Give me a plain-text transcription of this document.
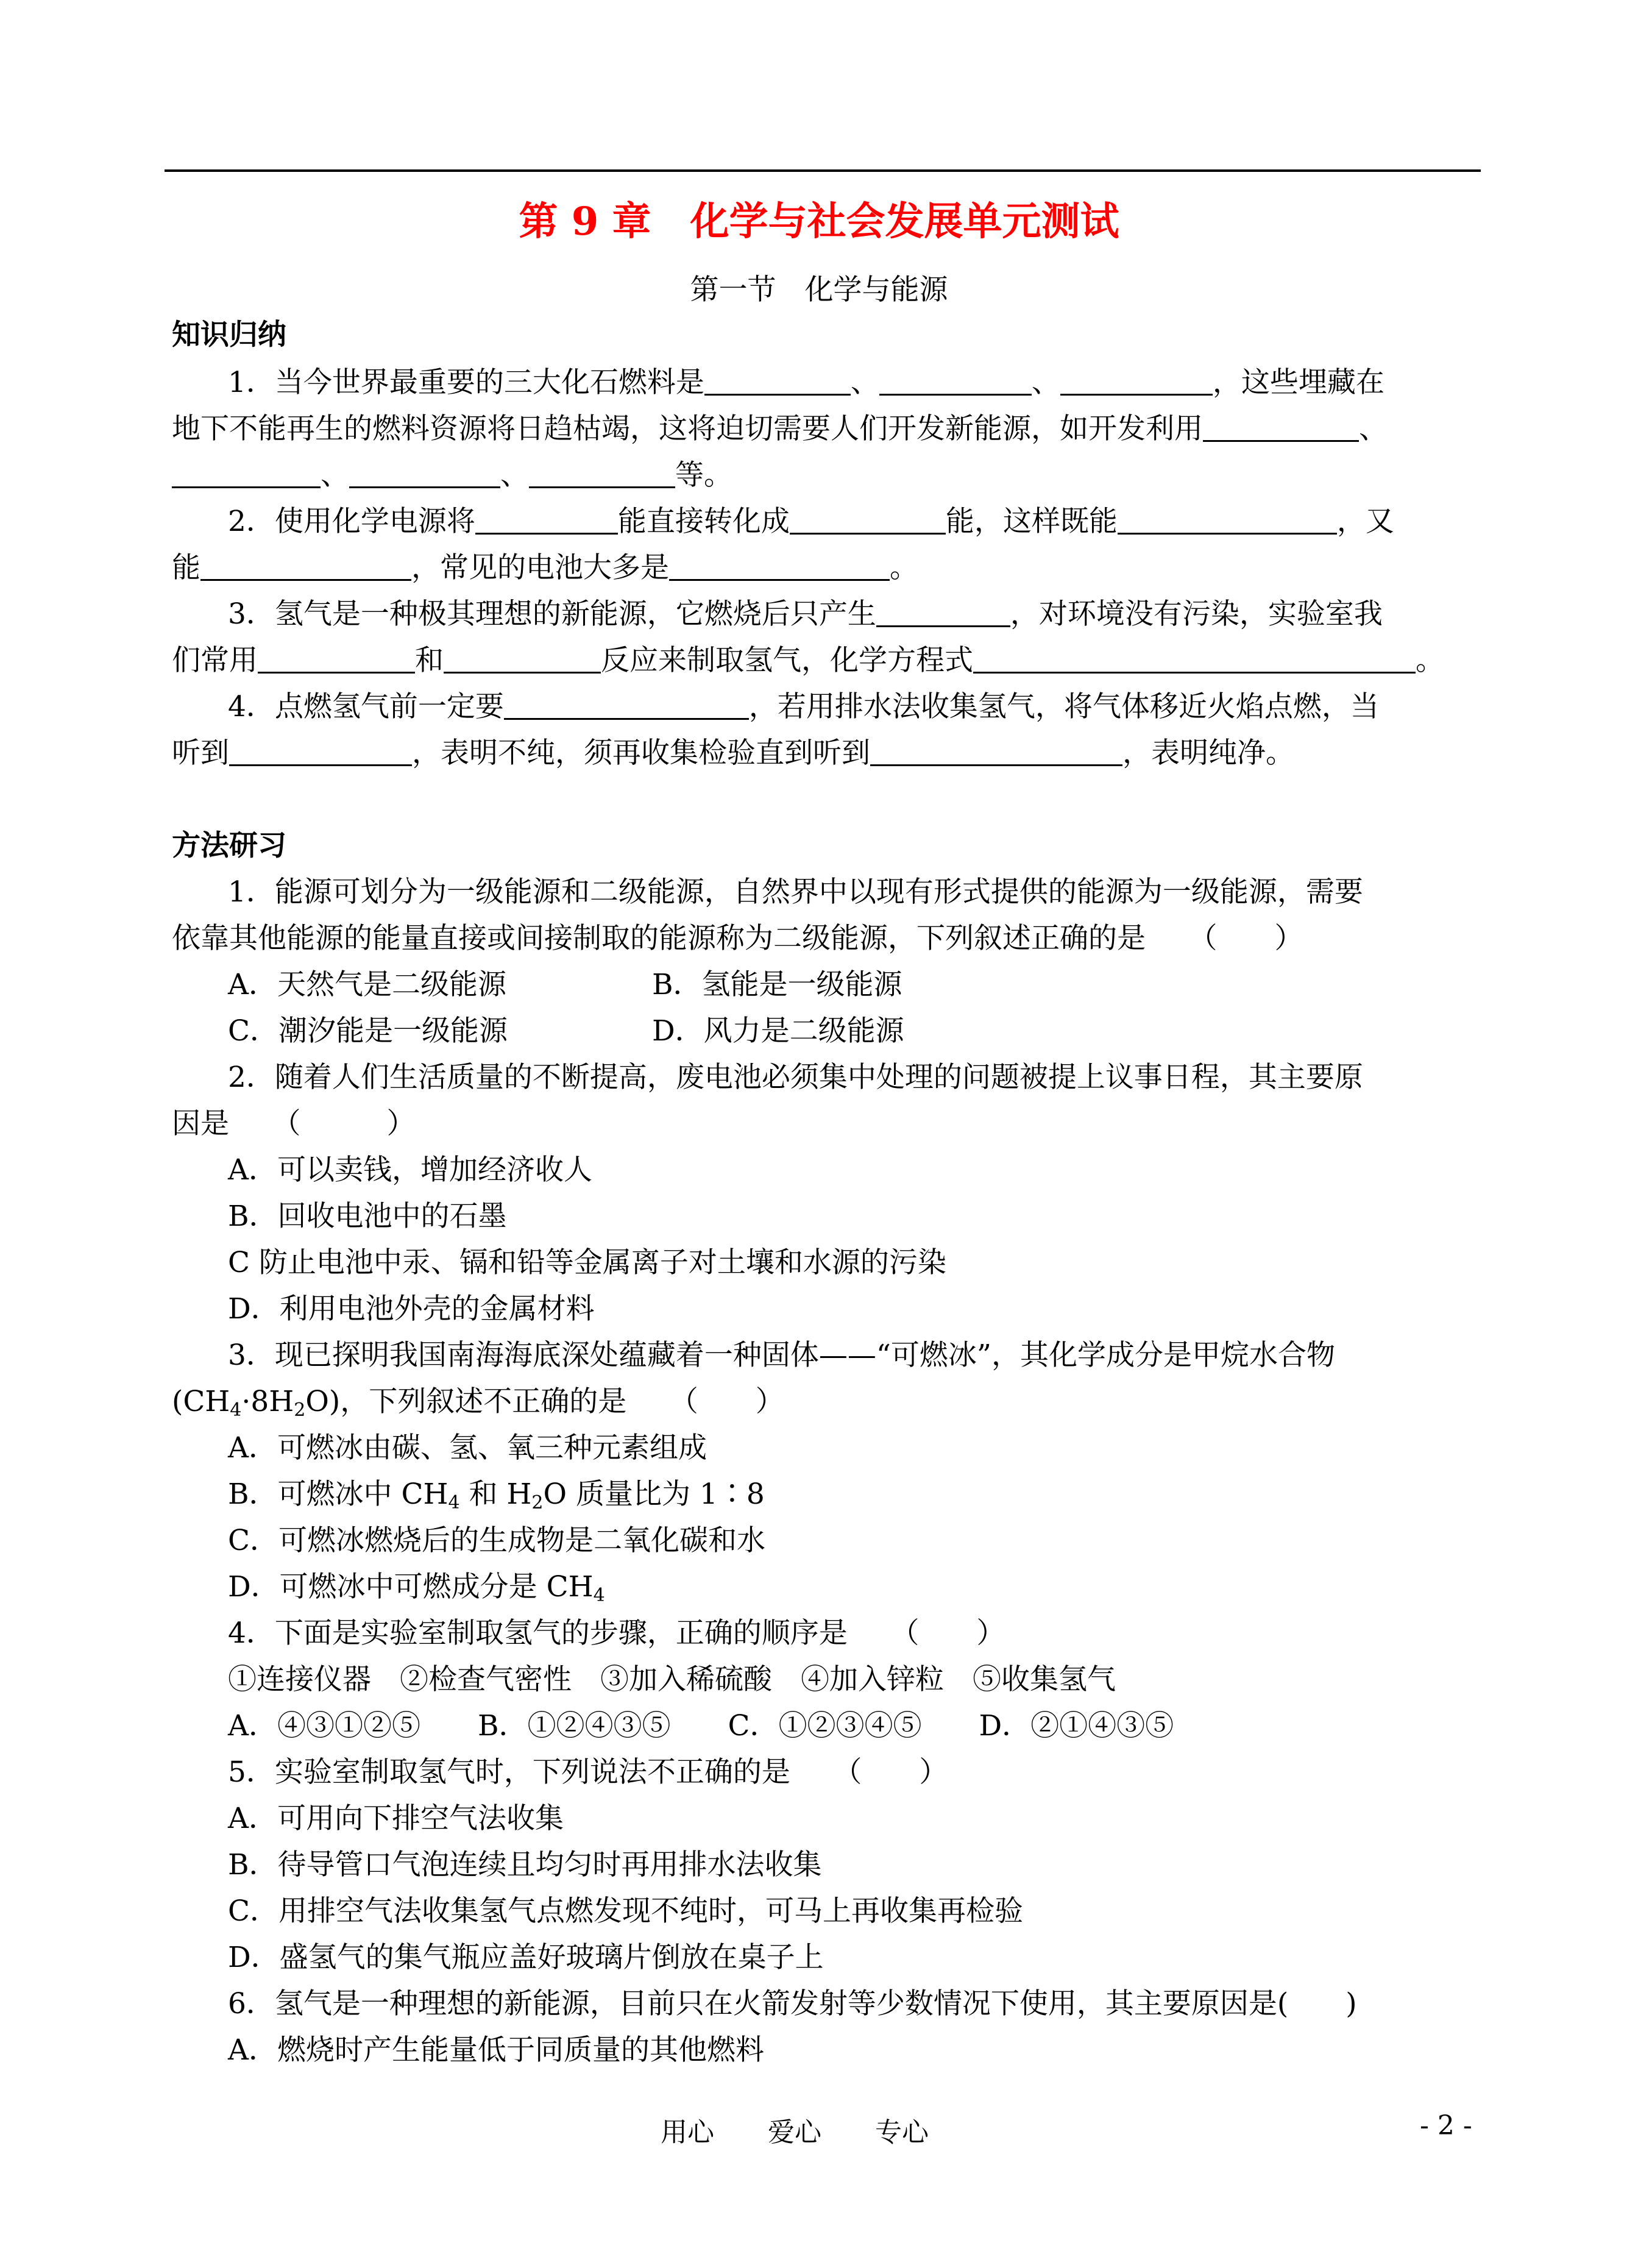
第 9 章　化学与社会发展单元测试
第一节　化学与能源
知识归纳
1．当今世界最重要的三大化石燃料是	、	、	，这些埋藏在
地下不能再生的燃料资源将日趋枯竭，这将迫切需要人们开发新能源，如开发利用	、
、	、	等。
2．使用化学电源将	能直接转化成	能，这样既能	，又
能	，常见的电池大多是	。
3．氢气是一种极其理想的新能源，它燃烧后只产生	，对环境没有污染，实验室我
们常用	和	反应来制取氢气，化学方程式	。
4．点燃氢气前一定要	，若用排水法收集氢气，将气体移近火焰点燃，当
听到	，表明不纯，须再收集检验直到听到	，表明纯净。
方法研习
1．能源可划分为一级能源和二级能源，自然界中以现有形式提供的能源为一级能源，需要
依靠其他能源的能量直接或间接制取的能源称为二级能源，下列叙述正确的是　　（　　）
A．天然气是二级能源	B．氢能是一级能源
C．潮汐能是一级能源	D．风力是二级能源
2．随着人们生活质量的不断提高，废电池必须集中处理的问题被提上议事日程，其主要原
因是　　（　　　）
A．可以卖钱，增加经济收人
B．回收电池中的石墨
C 防止电池中汞、镉和铅等金属离子对土壤和水源的污染
D．利用电池外壳的金属材料
3．现已探明我国南海海底深处蕴藏着一种固体——“可燃冰”，其化学成分是甲烷水合物
$(CH_4\cdot 8H_2O)$，下列叙述不正确的是　　（　　）
A．可燃冰由碳、氢、氧三种元素组成
B．可燃冰中 $CH_4$ 和 $H_2O$ 质量比为 1∶8
C．可燃冰燃烧后的生成物是二氧化碳和水
D．可燃冰中可燃成分是 $CH_4$
4．下面是实验室制取氢气的步骤，正确的顺序是　　（　　）
①连接仪器　②检查气密性　③加入稀硫酸　④加入锌粒　⑤收集氢气
A．④③①②⑤　　B．①②④③⑤　　C．①②③④⑤　　D．②①④③⑤
5．实验室制取氢气时，下列说法不正确的是　　（　　）
A．可用向下排空气法收集
B．待导管口气泡连续且均匀时再用排水法收集
C．用排空气法收集氢气点燃发现不纯时，可马上再收集再检验
D．盛氢气的集气瓶应盖好玻璃片倒放在桌子上
6．氢气是一种理想的新能源，目前只在火箭发射等少数情况下使用，其主要原因是(　　)
A．燃烧时产生能量低于同质量的其他燃料
用心　　爱心　　专心	- 2 -
